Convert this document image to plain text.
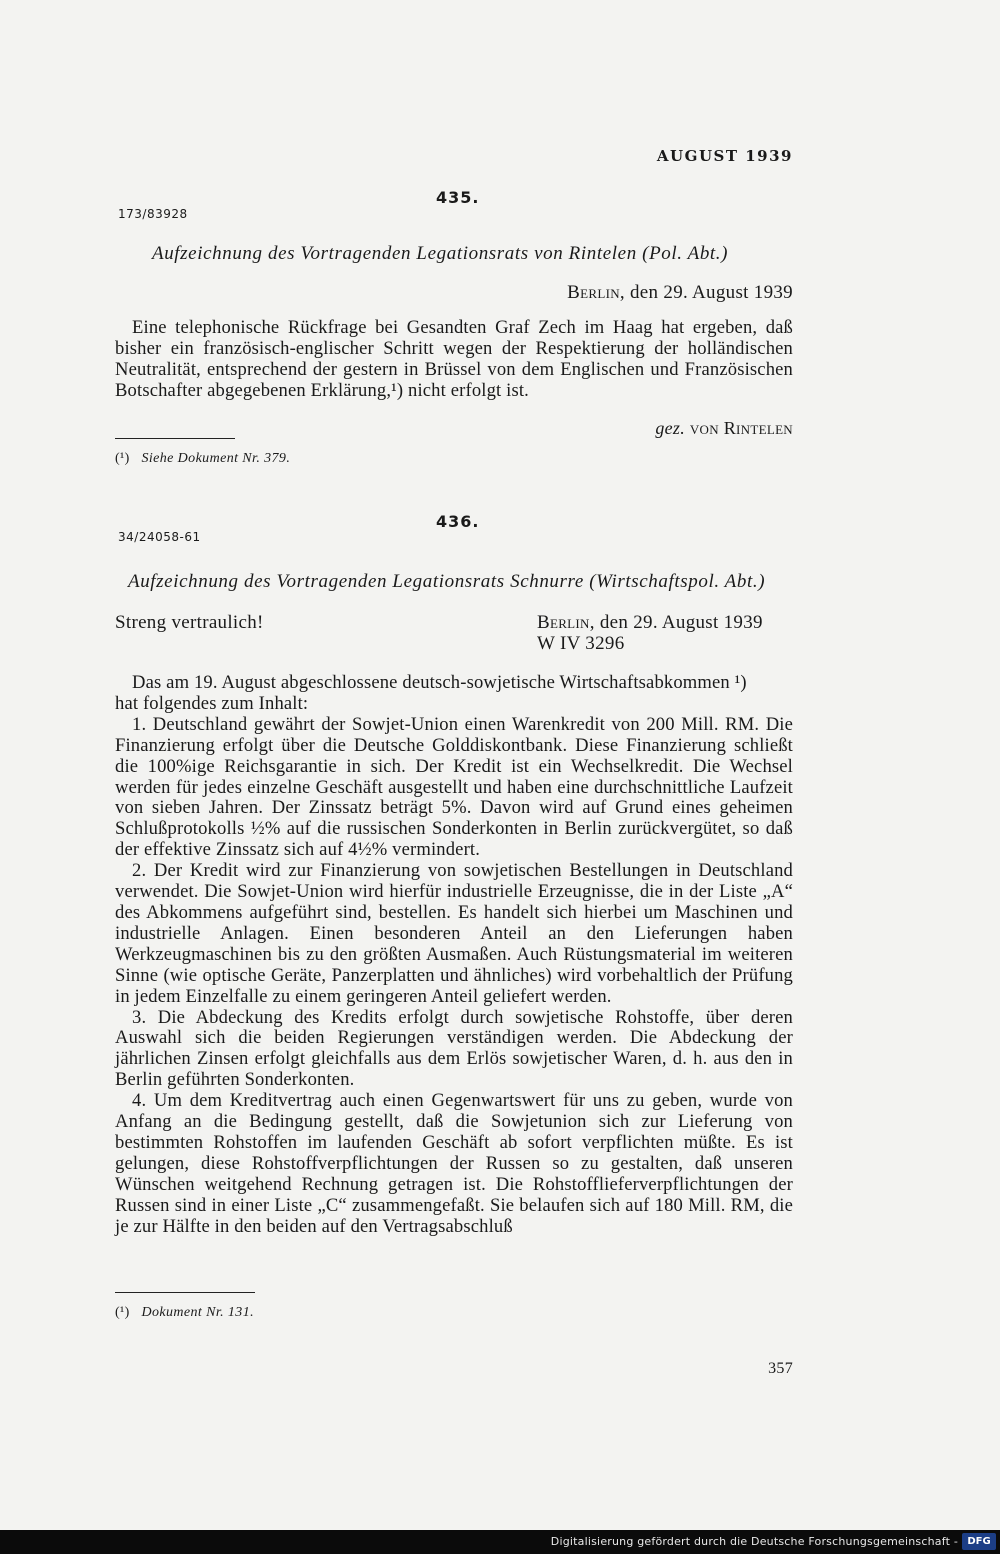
AUGUST 1939
435.
173/83928
Aufzeichnung des Vortragenden Legationsrats von Rintelen (Pol. Abt.)
Berlin, den 29. August 1939

Eine telephonische Rückfrage bei Gesandten Graf Zech im Haag hat ergeben, daß bisher ein französisch-englischer Schritt wegen der Respektierung der holländischen Neutralität, entsprechend der gestern in Brüssel von dem Englischen und Französischen Botschafter abgegebenen Erklärung,¹) nicht erfolgt ist.

gez. von Rintelen
(¹) Siehe Dokument Nr. 379.
436.
34/24058-61
Aufzeichnung des Vortragenden Legationsrats Schnurre (Wirtschaftspol. Abt.)
Streng vertraulich!	Berlin, den 29. August 1939
W IV 3296
Das am 19. August abgeschlossene deutsch-sowjetische Wirtschaftsabkommen ¹)
hat folgendes zum Inhalt:

1. Deutschland gewährt der Sowjet-Union einen Warenkredit von 200 Mill. RM. Die Finanzierung erfolgt über die Deutsche Golddiskontbank. Diese Finanzierung schließt die 100%ige Reichsgarantie in sich. Der Kredit ist ein Wechselkredit. Die Wechsel werden für jedes einzelne Geschäft ausgestellt und haben eine durchschnittliche Laufzeit von sieben Jahren. Der Zinssatz beträgt 5%. Davon wird auf Grund eines geheimen Schlußprotokolls ½% auf die russischen Sonderkonten in Berlin zurückvergütet, so daß der effektive Zinssatz sich auf 4½% vermindert.

2. Der Kredit wird zur Finanzierung von sowjetischen Bestellungen in Deutschland verwendet. Die Sowjet-Union wird hierfür industrielle Erzeugnisse, die in der Liste „A“ des Abkommens aufgeführt sind, bestellen. Es handelt sich hierbei um Maschinen und industrielle Anlagen. Einen besonderen Anteil an den Lieferungen haben Werkzeugmaschinen bis zu den größten Ausmaßen. Auch Rüstungsmaterial im weiteren Sinne (wie optische Geräte, Panzerplatten und ähnliches) wird vorbehaltlich der Prüfung in jedem Einzelfalle zu einem geringeren Anteil geliefert werden.

3. Die Abdeckung des Kredits erfolgt durch sowjetische Rohstoffe, über deren Auswahl sich die beiden Regierungen verständigen werden. Die Abdeckung der jährlichen Zinsen erfolgt gleichfalls aus dem Erlös sowjetischer Waren, d. h. aus den in Berlin geführten Sonderkonten.

4. Um dem Kreditvertrag auch einen Gegenwartswert für uns zu geben, wurde von Anfang an die Bedingung gestellt, daß die Sowjetunion sich zur Lieferung von bestimmten Rohstoffen im laufenden Geschäft ab sofort verpflichten müßte. Es ist gelungen, diese Rohstoffverpflichtungen der Russen so zu gestalten, daß unseren Wünschen weitgehend Rechnung getragen ist. Die Rohstofflieferverpflichtungen der Russen sind in einer Liste „C“ zusammengefaßt. Sie belaufen sich auf 180 Mill. RM, die je zur Hälfte in den beiden auf den Vertragsabschluß

(¹) Dokument Nr. 131.
357
Digitalisierung gefördert durch die Deutsche Forschungsgemeinschaft - DFG
